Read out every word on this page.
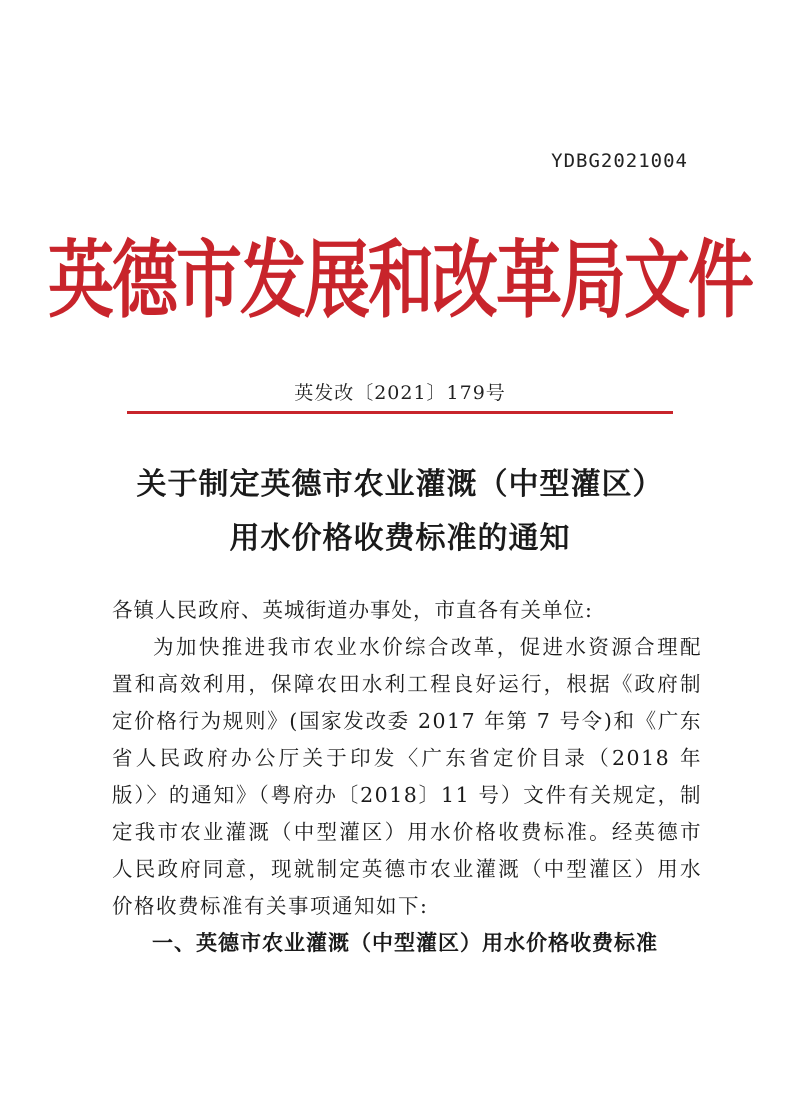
YDBG2021004
英德市发展和改革局文件
英发改〔2021〕179号
关于制定英德市农业灌溉（中型灌区）
用水价格收费标准的通知

各镇人民政府、英城街道办事处，市直各有关单位:

为加快推进我市农业水价综合改革，促进水资源合理配置和高效利用，保障农田水利工程良好运行，根据《政府制定价格行为规则》(国家发改委 2017 年第 7 号令)和《广东省人民政府办公厅关于印发〈广东省定价目录（2018 年版）〉的通知》（粤府办〔2018〕11 号）文件有关规定，制定我市农业灌溉（中型灌区）用水价格收费标准。经英德市人民政府同意，现就制定英德市农业灌溉（中型灌区）用水价格收费标准有关事项通知如下:

一、英德市农业灌溉（中型灌区）用水价格收费标准
